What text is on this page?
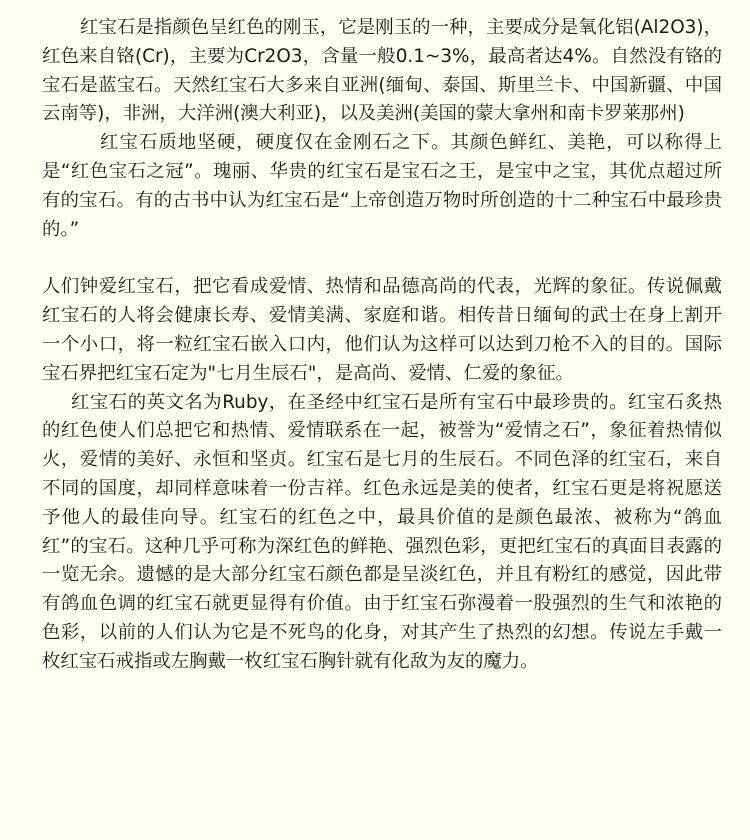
红宝石是指颜色呈红色的刚玉，它是刚玉的一种，主要成分是氧化铝(Al2O3)，红色来自铬(Cr)，主要为Cr2O3，含量一般0.1~3%，最高者达4%。自然没有铬的宝石是蓝宝石。天然红宝石大多来自亚洲(缅甸、泰国、斯里兰卡、中国新疆、中国云南等)，非洲，大洋洲(澳大利亚)，以及美洲(美国的蒙大拿州和南卡罗莱那州)

红宝石质地坚硬，硬度仅在金刚石之下。其颜色鲜红、美艳，可以称得上是“红色宝石之冠”。瑰丽、华贵的红宝石是宝石之王，是宝中之宝，其优点超过所有的宝石。有的古书中认为红宝石是“上帝创造万物时所创造的十二种宝石中最珍贵的。”

人们钟爱红宝石，把它看成爱情、热情和品德高尚的代表，光辉的象征。传说佩戴红宝石的人将会健康长寿、爱情美满、家庭和谐。相传昔日缅甸的武士在身上割开一个小口，将一粒红宝石嵌入口内，他们认为这样可以达到刀枪不入的目的。国际宝石界把红宝石定为"七月生辰石"，是高尚、爱情、仁爱的象征。

红宝石的英文名为Ruby，在圣经中红宝石是所有宝石中最珍贵的。红宝石炙热的红色使人们总把它和热情、爱情联系在一起，被誉为“爱情之石”，象征着热情似火，爱情的美好、永恒和坚贞。红宝石是七月的生辰石。不同色泽的红宝石，来自不同的国度，却同样意味着一份吉祥。红色永远是美的使者，红宝石更是将祝愿送予他人的最佳向导。红宝石的红色之中，最具价值的是颜色最浓、被称为“鸽血红”的宝石。这种几乎可称为深红色的鲜艳、强烈色彩，更把红宝石的真面目表露的一览无余。遗憾的是大部分红宝石颜色都是呈淡红色，并且有粉红的感觉，因此带有鸽血色调的红宝石就更显得有价值。由于红宝石弥漫着一股强烈的生气和浓艳的色彩，以前的人们认为它是不死鸟的化身，对其产生了热烈的幻想。传说左手戴一枚红宝石戒指或左胸戴一枚红宝石胸针就有化敌为友的魔力。
